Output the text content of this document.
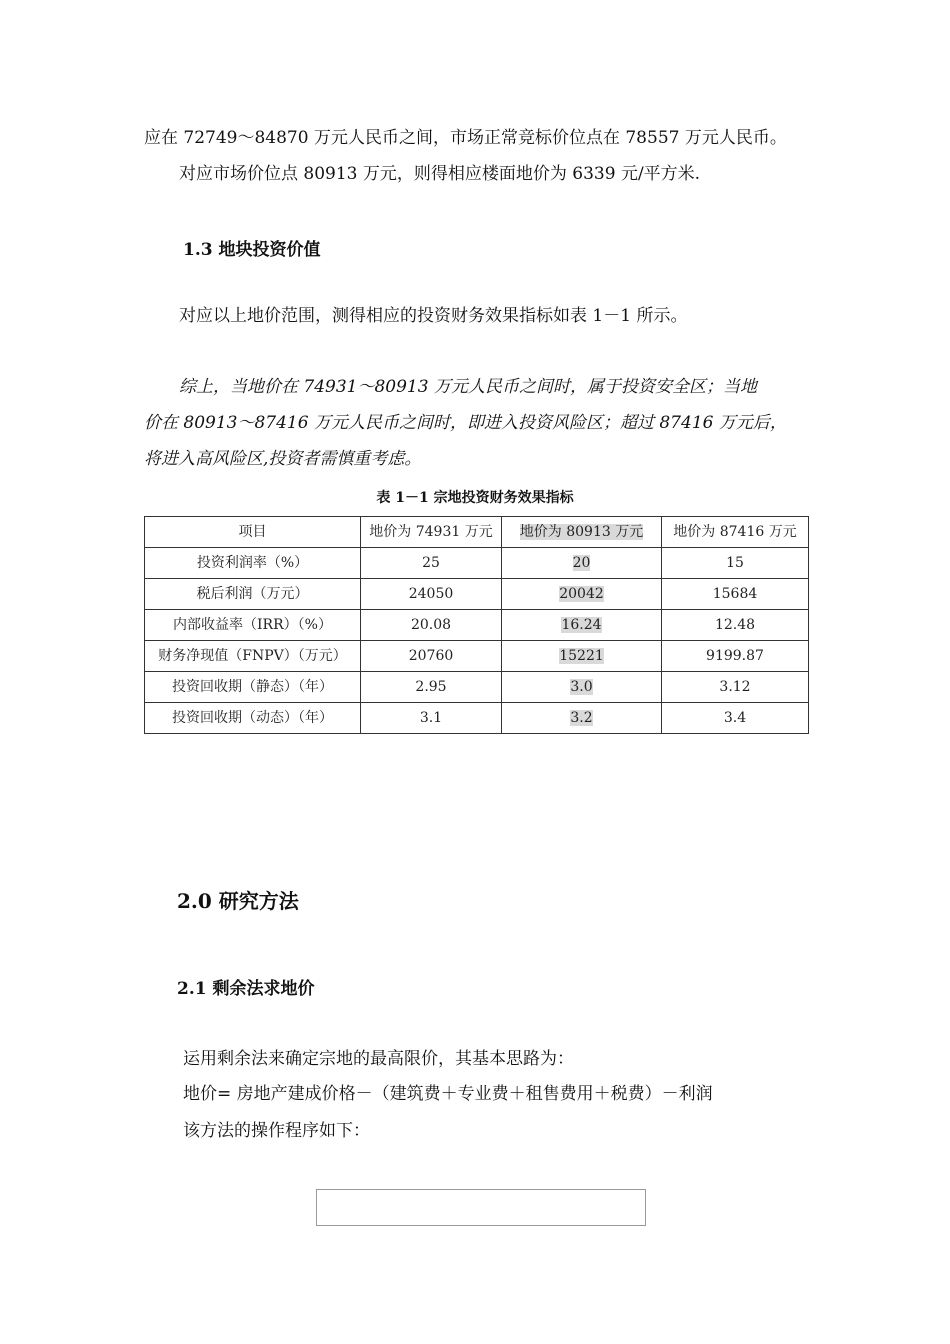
应在 72749～84870 万元人民币之间，市场正常竞标价位点在 78557 万元人民币。
对应市场价位点 80913 万元，则得相应楼面地价为 6339 元/平方米.
1.3 地块投资价值
对应以上地价范围，测得相应的投资财务效果指标如表 1－1 所示。
综上，当地价在 74931～80913 万元人民币之间时，属于投资安全区；当地
价在 80913～87416 万元人民币之间时，即进入投资风险区；超过 87416 万元后，
将进入高风险区,投资者需慎重考虑。
表 1－1 宗地投资财务效果指标
项目	地价为 74931 万元	地价为 80913 万元	地价为 87416 万元
投资利润率（%）	25	20	15
税后利润（万元）	24050	20042	15684
内部收益率（IRR）（%）	20.08	16.24	12.48
财务净现值（FNPV）（万元）	20760	15221	9199.87
投资回收期（静态）（年）	2.95	3.0	3.12
投资回收期（动态）（年）	3.1	3.2	3.4
2.0 研究方法
2.1 剩余法求地价
运用剩余法来确定宗地的最高限价，其基本思路为：
地价= 房地产建成价格－（建筑费＋专业费＋租售费用＋税费）－利润
该方法的操作程序如下：
